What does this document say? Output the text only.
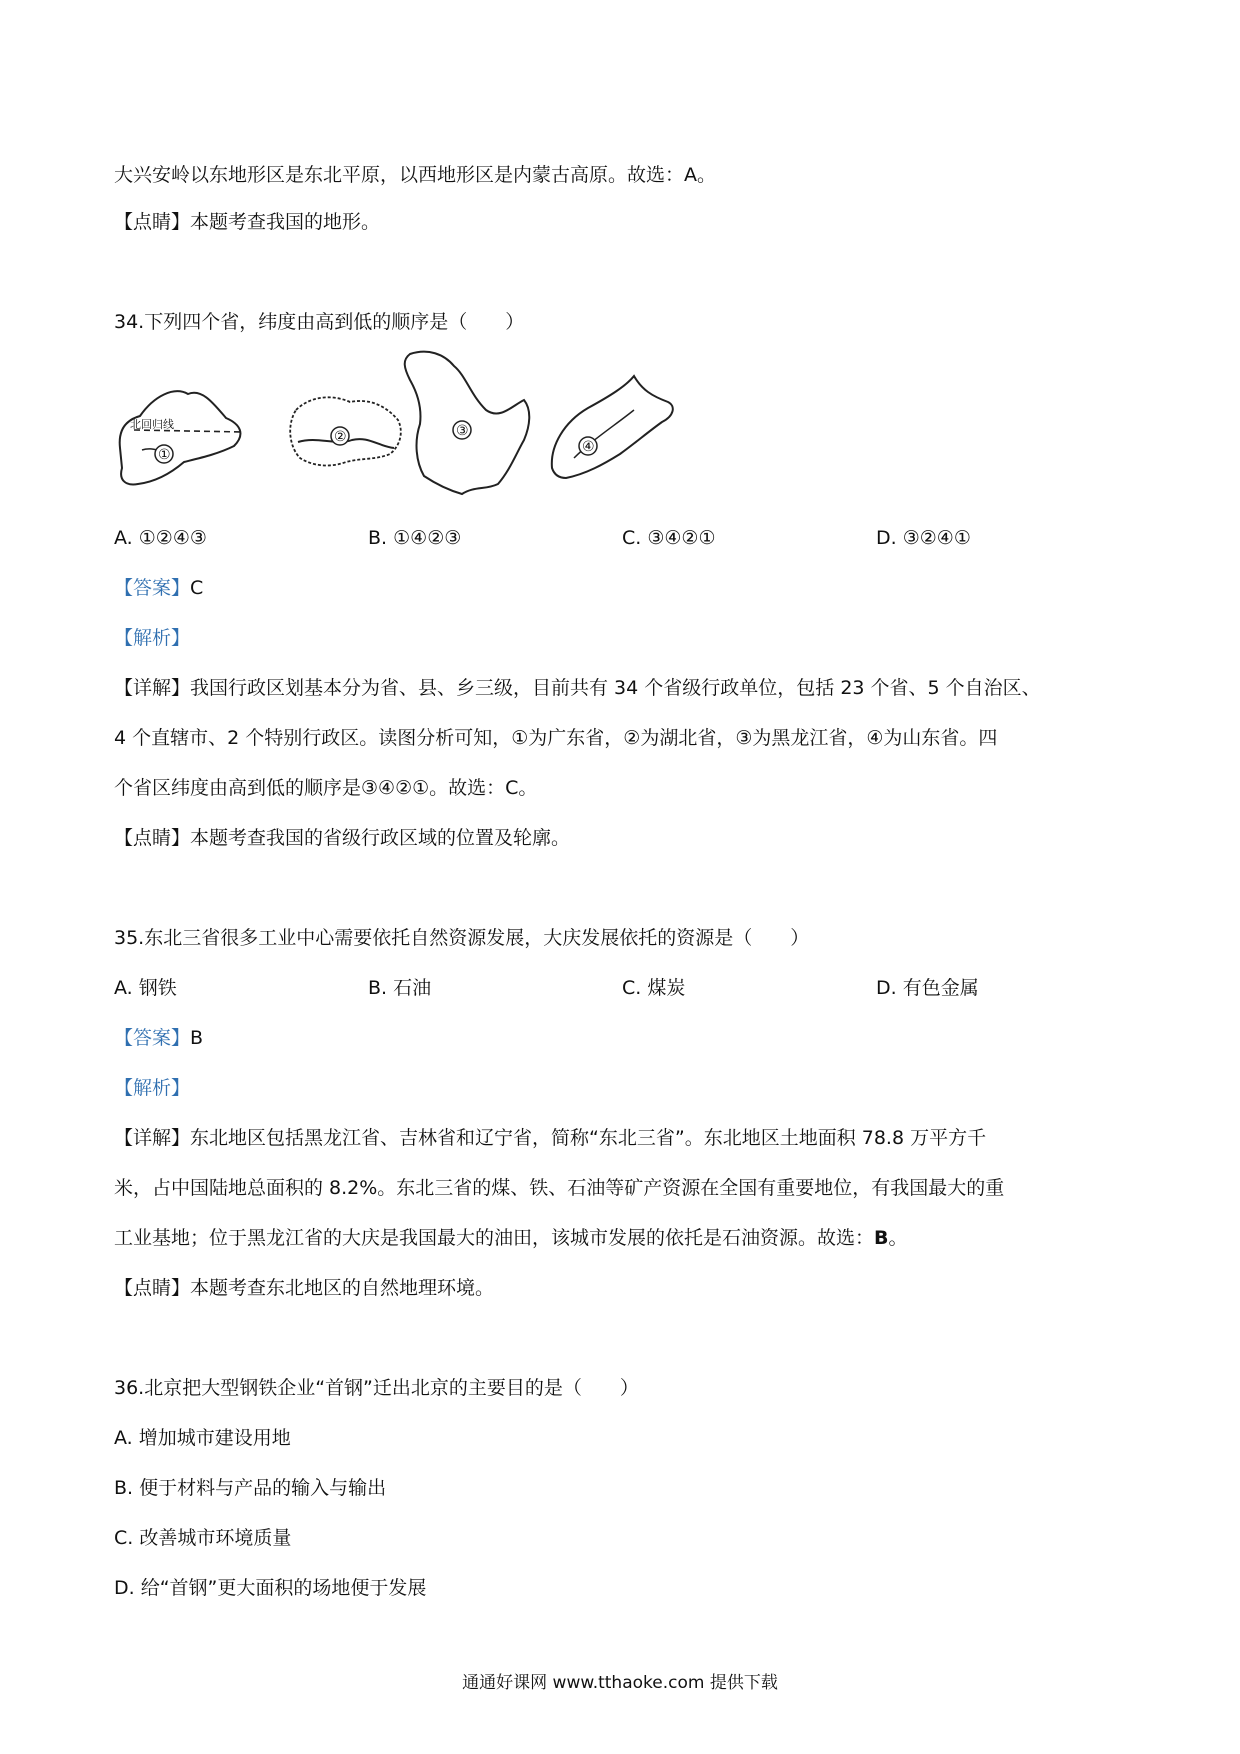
大兴安岭以东地形区是东北平原，以西地形区是内蒙古高原。故选：A。
【点睛】本题考查我国的地形。
34.下列四个省，纬度由高到低的顺序是（　　）
北回归线
①
②	③
④
A. ①②④③	B. ①④②③	C. ③④②①	D. ③②④①
【答案】C
【解析】
【详解】我国行政区划基本分为省、县、乡三级，目前共有 34 个省级行政单位，包括 23 个省、5 个自治区、
4 个直辖市、2 个特别行政区。读图分析可知，①为广东省，②为湖北省，③为黑龙江省，④为山东省。四
个省区纬度由高到低的顺序是③④②①。故选：C。
【点睛】本题考查我国的省级行政区域的位置及轮廓。
35.东北三省很多工业中心需要依托自然资源发展，大庆发展依托的资源是（　　）
A. 钢铁	B. 石油	C. 煤炭	D. 有色金属
【答案】B
【解析】
【详解】东北地区包括黑龙江省、吉林省和辽宁省，简称“东北三省”。东北地区土地面积 78.8 万平方千
米，占中国陆地总面积的 8.2%。东北三省的煤、铁、石油等矿产资源在全国有重要地位，有我国最大的重
工业基地；位于黑龙江省的大庆是我国最大的油田，该城市发展的依托是石油资源。故选：B。
【点睛】本题考查东北地区的自然地理环境。
36.北京把大型钢铁企业“首钢”迁出北京的主要目的是（　　）
A. 增加城市建设用地
B. 便于材料与产品的输入与输出
C. 改善城市环境质量
D. 给“首钢”更大面积的场地便于发展
通通好课网 www.tthaoke.com 提供下载
